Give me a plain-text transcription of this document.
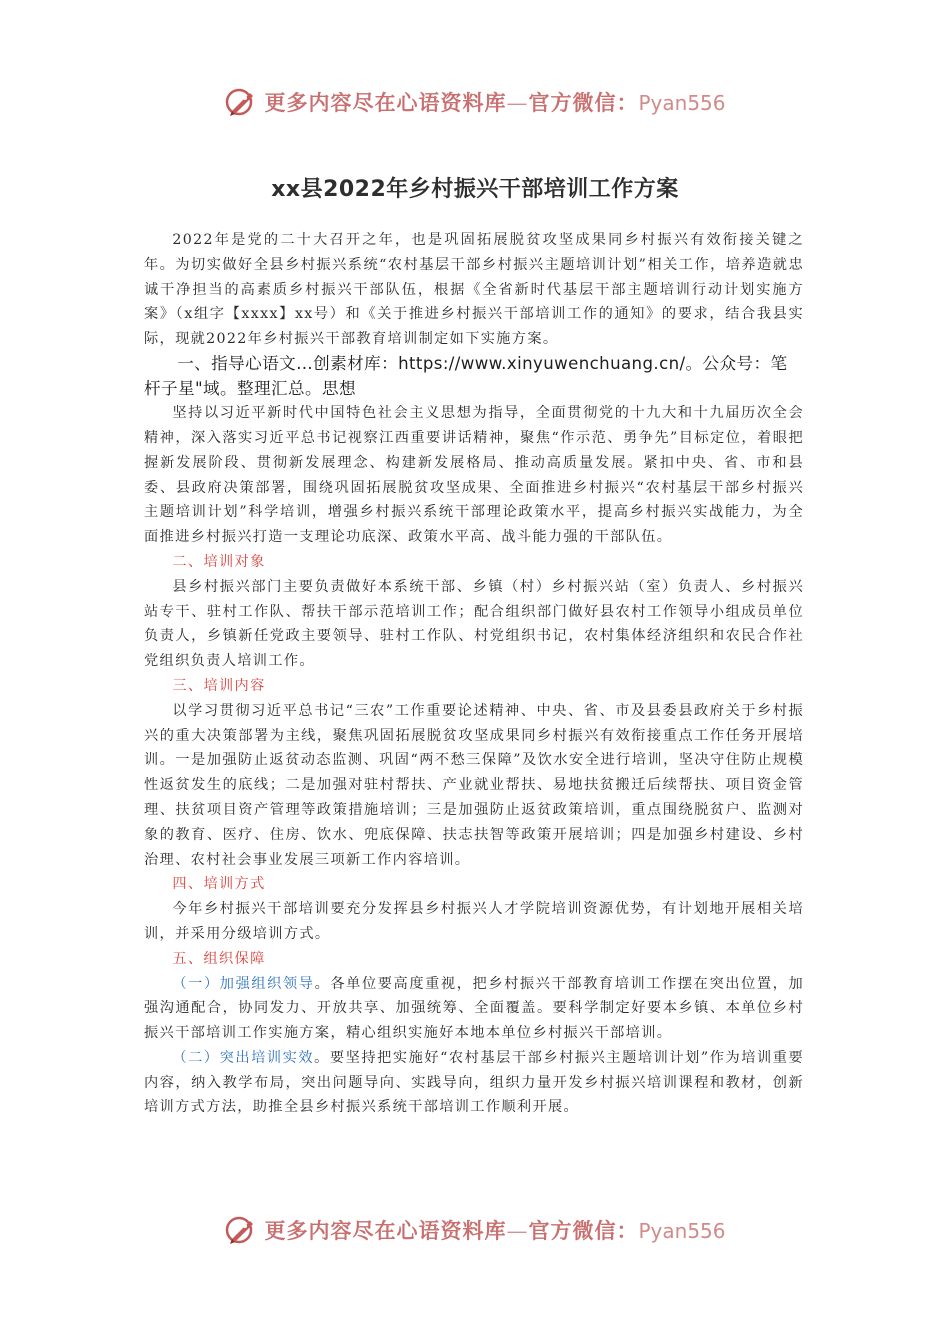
更多内容尽在心语资料库—官方微信：Pyan556
xx县2022年乡村振兴干部培训工作方案

2022年是党的二十大召开之年，也是巩固拓展脱贫攻坚成果同乡村振兴有效衔接关键之年。为切实做好全县乡村振兴系统“农村基层干部乡村振兴主题培训计划”相关工作，培养造就忠诚干净担当的高素质乡村振兴干部队伍，根据《全省新时代基层干部主题培训行动计划实施方案》（x组字【xxxx】xx号）和《关于推进乡村振兴干部培训工作的通知》的要求，结合我县实际，现就2022年乡村振兴干部教育培训制定如下实施方案。

一、指导心语文…创素材库：https://www.xinyuwenchuang.cn/。公众号：笔杆子星"域。整理汇总。思想

坚持以习近平新时代中国特色社会主义思想为指导，全面贯彻党的十九大和十九届历次全会精神，深入落实习近平总书记视察江西重要讲话精神，聚焦“作示范、勇争先”目标定位，着眼把握新发展阶段、贯彻新发展理念、构建新发展格局、推动高质量发展。紧扣中央、省、市和县委、县政府决策部署，围绕巩固拓展脱贫攻坚成果、全面推进乡村振兴“农村基层干部乡村振兴主题培训计划”科学培训，增强乡村振兴系统干部理论政策水平，提高乡村振兴实战能力，为全面推进乡村振兴打造一支理论功底深、政策水平高、战斗能力强的干部队伍。

二、培训对象

县乡村振兴部门主要负责做好本系统干部、乡镇（村）乡村振兴站（室）负责人、乡村振兴站专干、驻村工作队、帮扶干部示范培训工作；配合组织部门做好县农村工作领导小组成员单位负责人，乡镇新任党政主要领导、驻村工作队、村党组织书记，农村集体经济组织和农民合作社党组织负责人培训工作。

三、培训内容

以学习贯彻习近平总书记“三农”工作重要论述精神、中央、省、市及县委县政府关于乡村振兴的重大决策部署为主线，聚焦巩固拓展脱贫攻坚成果同乡村振兴有效衔接重点工作任务开展培训。一是加强防止返贫动态监测、巩固“两不愁三保障”及饮水安全进行培训，坚决守住防止规模性返贫发生的底线；二是加强对驻村帮扶、产业就业帮扶、易地扶贫搬迁后续帮扶、项目资金管理、扶贫项目资产管理等政策措施培训；三是加强防止返贫政策培训，重点围绕脱贫户、监测对象的教育、医疗、住房、饮水、兜底保障、扶志扶智等政策开展培训；四是加强乡村建设、乡村治理、农村社会事业发展三项新工作内容培训。

四、培训方式

今年乡村振兴干部培训要充分发挥县乡村振兴人才学院培训资源优势，有计划地开展相关培训，并采用分级培训方式。

五、组织保障

（一）加强组织领导。各单位要高度重视，把乡村振兴干部教育培训工作摆在突出位置，加强沟通配合，协同发力、开放共享、加强统筹、全面覆盖。要科学制定好要本乡镇、本单位乡村振兴干部培训工作实施方案，精心组织实施好本地本单位乡村振兴干部培训。

（二）突出培训实效。要坚持把实施好“农村基层干部乡村振兴主题培训计划”作为培训重要内容，纳入教学布局，突出问题导向、实践导向，组织力量开发乡村振兴培训课程和教材，创新培训方式方法，助推全县乡村振兴系统干部培训工作顺利开展。

更多内容尽在心语资料库—官方微信：Pyan556
